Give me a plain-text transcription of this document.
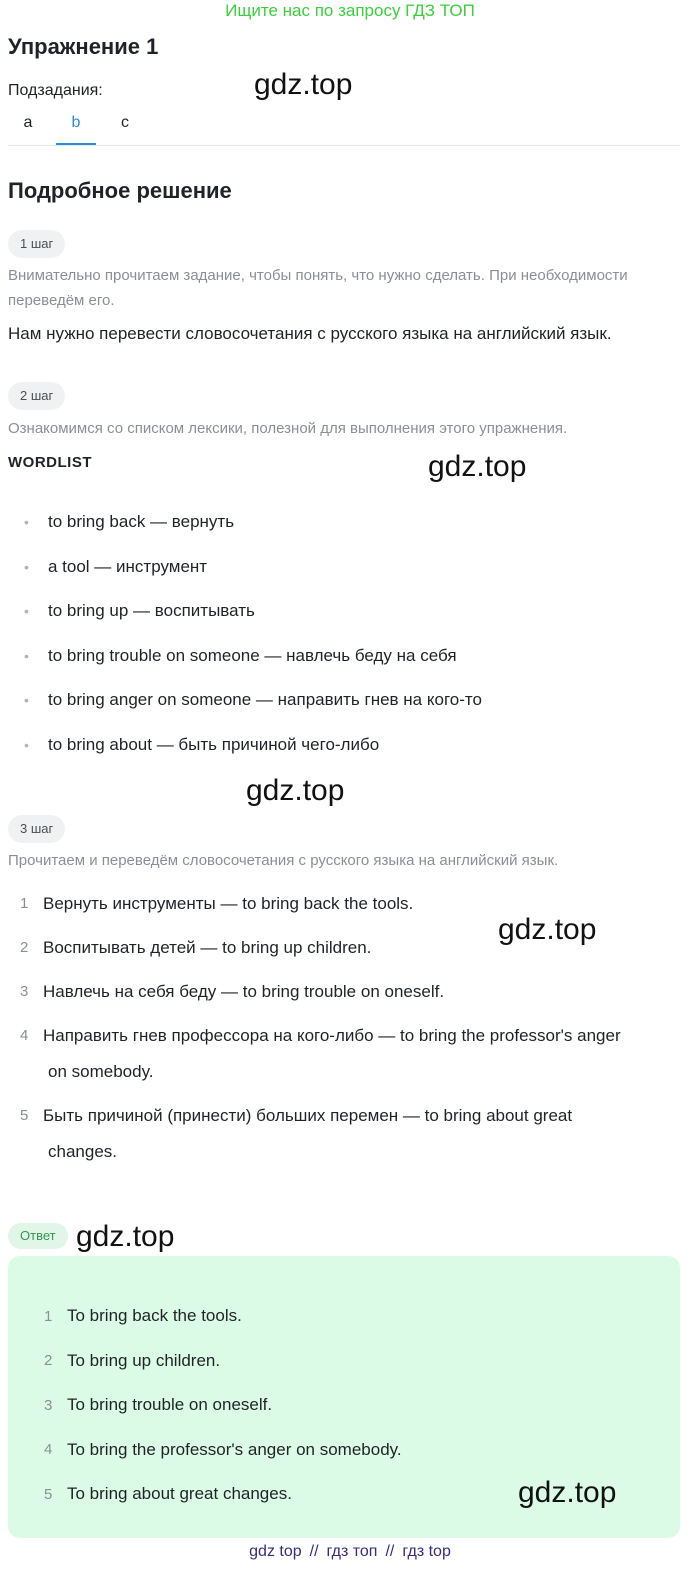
Ищите нас по запросу ГДЗ ТОП
Упражнение 1
Подзадания:	gdz.top
a	b	c
Подробное решение
1 шаг
Внимательно прочитаем задание, чтобы понять, что нужно сделать. При необходимости переведём его.
Нам нужно перевести словосочетания с русского языка на английский язык.
2 шаг
Ознакомимся со списком лексики, полезной для выполнения этого упражнения.
WORDLIST	gdz.top
•	to bring back — вернуть
•	a tool — инструмент
•	to bring up — воспитывать
•	to bring trouble on someone — навлечь беду на себя
•	to bring anger on someone — направить гнев на кого-то
•	to bring about — быть причиной чего-либо
gdz.top
3 шаг
Прочитаем и переведём словосочетания с русского языка на английский язык.
1 Вернуть инструменты — to bring back the tools.
2 Воспитывать детей — to bring up children.
3 Навлечь на себя беду — to bring trouble on oneself.
4 Направить гнев профессора на кого-либо — to bring the professor's anger
on somebody.
5 Быть причиной (принести) больших перемен — to bring about great
changes.
gdz.top
Ответ gdz.top
1 To bring back the tools.
2 To bring up children.
3 To bring trouble on oneself.
4 To bring the professor's anger on somebody.
5 To bring about great changes.	gdz.top
gdz top // гдз топ // гдз top
